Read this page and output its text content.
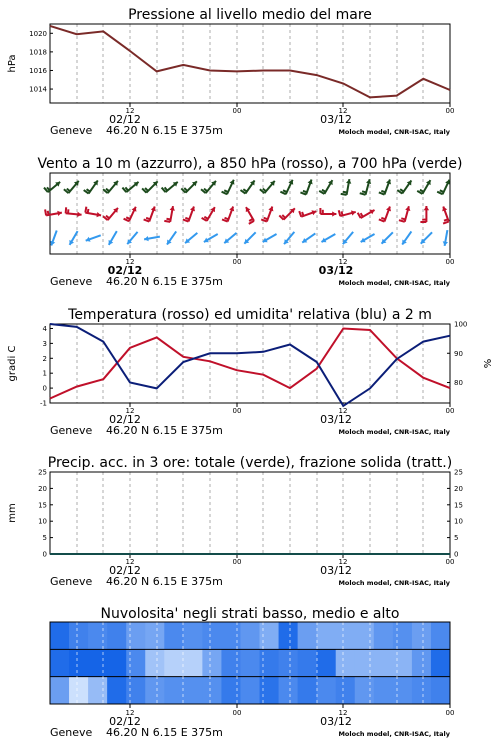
Pressione al livello medio del mare
12	00	12	00
02/12	03/12
Geneve 46.20 N 6.15 E 375m	Moloch model, CNR-ISAC, Italy
1014
1016
1018
1020
hPa
Vento a 10 m (azzurro), a 850 hPa (rosso), a 700 hPa (verde)
12	00	12	00
02/12	03/12
Geneve 46.20 N 6.15 E 375m	Moloch model, CNR-ISAC, Italy
Temperatura (rosso) ed umidita' relativa (blu) a 2 m
12	00	12	00
02/12	03/12
Geneve 46.20 N 6.15 E 375m	Moloch model, CNR-ISAC, Italy
-1
0
1
2
3
4
80
90
100
gradi C	%
Precip. acc. in 3 ore: totale (verde), frazione solida (tratt.)
12	00	12	00
02/12	03/12
Geneve 46.20 N 6.15 E 375m	Moloch model, CNR-ISAC, Italy
0
5
10
15
20
25
0
5
10
15
20
25
mm
Nuvolosita' negli strati basso, medio e alto
12	00	12	00
02/12	03/12
Geneve 46.20 N 6.15 E 375m	Moloch model, CNR-ISAC, Italy
